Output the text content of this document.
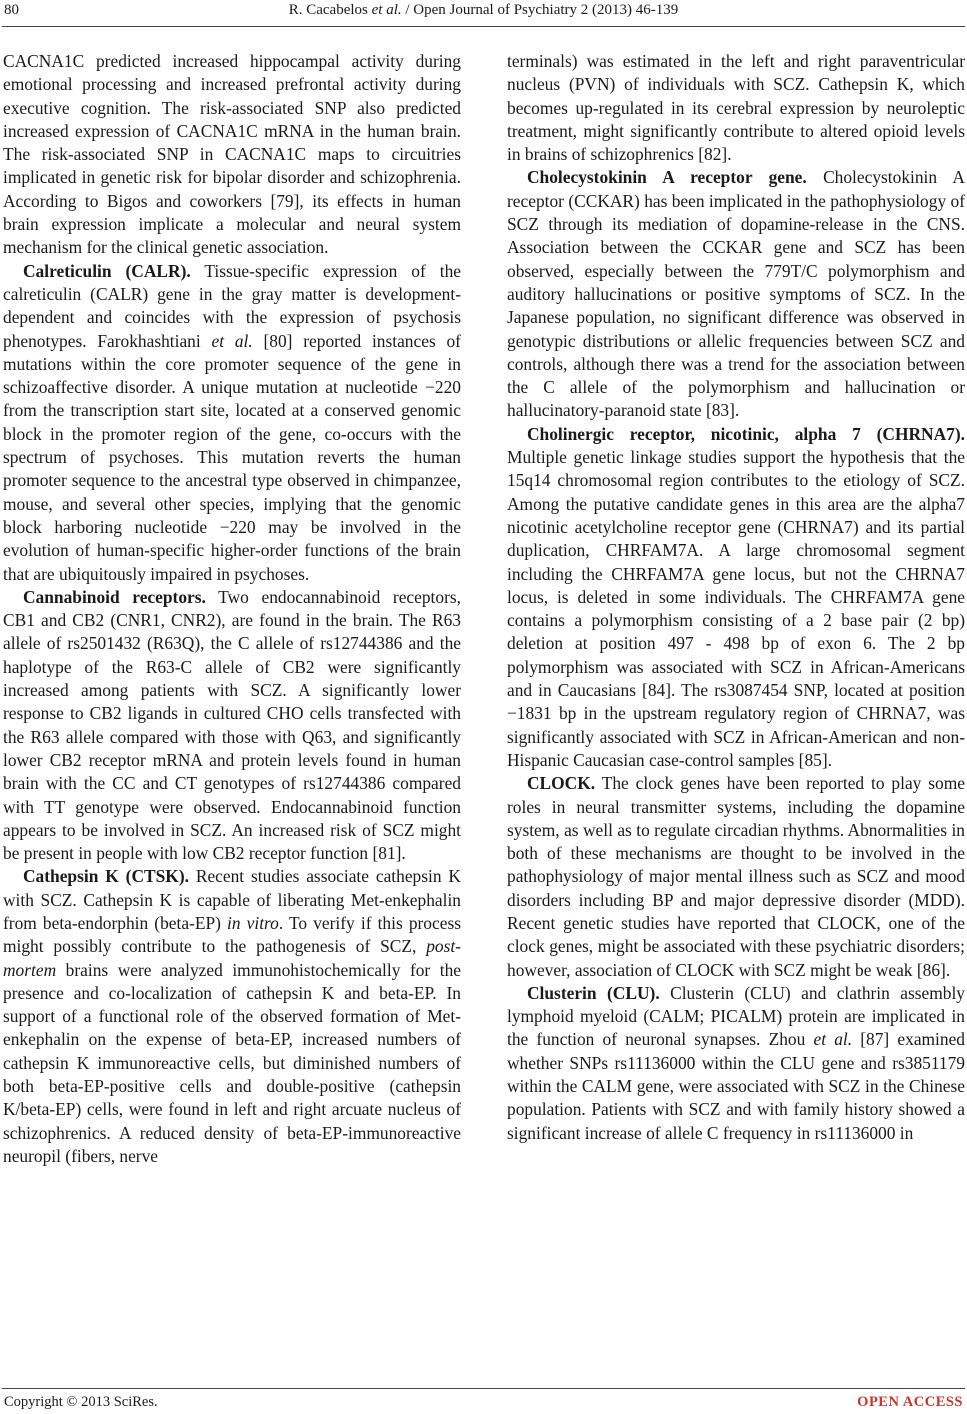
80	R. Cacabelos et al. / Open Journal of Psychiatry 2 (2013) 46-139

CACNA1C predicted increased hippocampal activity during emotional processing and increased prefrontal activity during executive cognition. The risk-associated SNP also predicted increased expression of CACNA1C mRNA in the human brain. The risk-associated SNP in CACNA1C maps to circuitries implicated in genetic risk for bipolar disorder and schizophrenia. According to Bigos and coworkers [79], its effects in human brain expression implicate a molecular and neural system mechanism for the clinical genetic association.

Calreticulin (CALR). Tissue-specific expression of the calreticulin (CALR) gene in the gray matter is development-dependent and coincides with the expression of psychosis phenotypes. Farokhashtiani et al. [80] reported instances of mutations within the core promoter sequence of the gene in schizoaffective disorder. A unique mutation at nucleotide −220 from the transcription start site, located at a conserved genomic block in the promoter region of the gene, co-occurs with the spectrum of psychoses. This mutation reverts the human promoter sequence to the ancestral type observed in chimpanzee, mouse, and several other species, implying that the genomic block harboring nucleotide −220 may be involved in the evolution of human-specific higher-order functions of the brain that are ubiquitously impaired in psychoses.

Cannabinoid receptors. Two endocannabinoid receptors, CB1 and CB2 (CNR1, CNR2), are found in the brain. The R63 allele of rs2501432 (R63Q), the C allele of rs12744386 and the haplotype of the R63-C allele of CB2 were significantly increased among patients with SCZ. A significantly lower response to CB2 ligands in cultured CHO cells transfected with the R63 allele compared with those with Q63, and significantly lower CB2 receptor mRNA and protein levels found in human brain with the CC and CT genotypes of rs12744386 compared with TT genotype were observed. Endocannabinoid function appears to be involved in SCZ. An increased risk of SCZ might be present in people with low CB2 receptor function [81].

Cathepsin K (CTSK). Recent studies associate cathepsin K with SCZ. Cathepsin K is capable of liberating Met-enkephalin from beta-endorphin (beta-EP) in vitro. To verify if this process might possibly contribute to the pathogenesis of SCZ, post-mortem brains were analyzed immunohistochemically for the presence and co-localization of cathepsin K and beta-EP. In support of a functional role of the observed formation of Met-enkephalin on the expense of beta-EP, increased numbers of cathepsin K immunoreactive cells, but diminished numbers of both beta-EP-positive cells and double-positive (cathepsin K/beta-EP) cells, were found in left and right arcuate nucleus of schizophrenics. A reduced density of beta-EP-immunoreactive neuropil (fibers, nerve

terminals) was estimated in the left and right paraventricular nucleus (PVN) of individuals with SCZ. Cathepsin K, which becomes up-regulated in its cerebral expression by neuroleptic treatment, might significantly contribute to altered opioid levels in brains of schizophrenics [82].

Cholecystokinin A receptor gene. Cholecystokinin A receptor (CCKAR) has been implicated in the pathophysiology of SCZ through its mediation of dopamine-release in the CNS. Association between the CCKAR gene and SCZ has been observed, especially between the 779T/C polymorphism and auditory hallucinations or positive symptoms of SCZ. In the Japanese population, no significant difference was observed in genotypic distributions or allelic frequencies between SCZ and controls, although there was a trend for the association between the C allele of the polymorphism and hallucination or hallucinatory-paranoid state [83].

Cholinergic receptor, nicotinic, alpha 7 (CHRNA7). Multiple genetic linkage studies support the hypothesis that the 15q14 chromosomal region contributes to the etiology of SCZ. Among the putative candidate genes in this area are the alpha7 nicotinic acetylcholine receptor gene (CHRNA7) and its partial duplication, CHRFAM7A. A large chromosomal segment including the CHRFAM7A gene locus, but not the CHRNA7 locus, is deleted in some individuals. The CHRFAM7A gene contains a polymorphism consisting of a 2 base pair (2 bp) deletion at position 497 - 498 bp of exon 6. The 2 bp polymorphism was associated with SCZ in African-Americans and in Caucasians [84]. The rs3087454 SNP, located at position −1831 bp in the upstream regulatory region of CHRNA7, was significantly associated with SCZ in African-American and non-Hispanic Caucasian case-control samples [85].

CLOCK. The clock genes have been reported to play some roles in neural transmitter systems, including the dopamine system, as well as to regulate circadian rhythms. Abnormalities in both of these mechanisms are thought to be involved in the pathophysiology of major mental illness such as SCZ and mood disorders including BP and major depressive disorder (MDD). Recent genetic studies have reported that CLOCK, one of the clock genes, might be associated with these psychiatric disorders; however, association of CLOCK with SCZ might be weak [86].

Clusterin (CLU). Clusterin (CLU) and clathrin assembly lymphoid myeloid (CALM; PICALM) protein are implicated in the function of neuronal synapses. Zhou et al. [87] examined whether SNPs rs11136000 within the CLU gene and rs3851179 within the CALM gene, were associated with SCZ in the Chinese population. Patients with SCZ and with family history showed a significant increase of allele C frequency in rs11136000 in

Copyright © 2013 SciRes.	OPEN ACCESS
